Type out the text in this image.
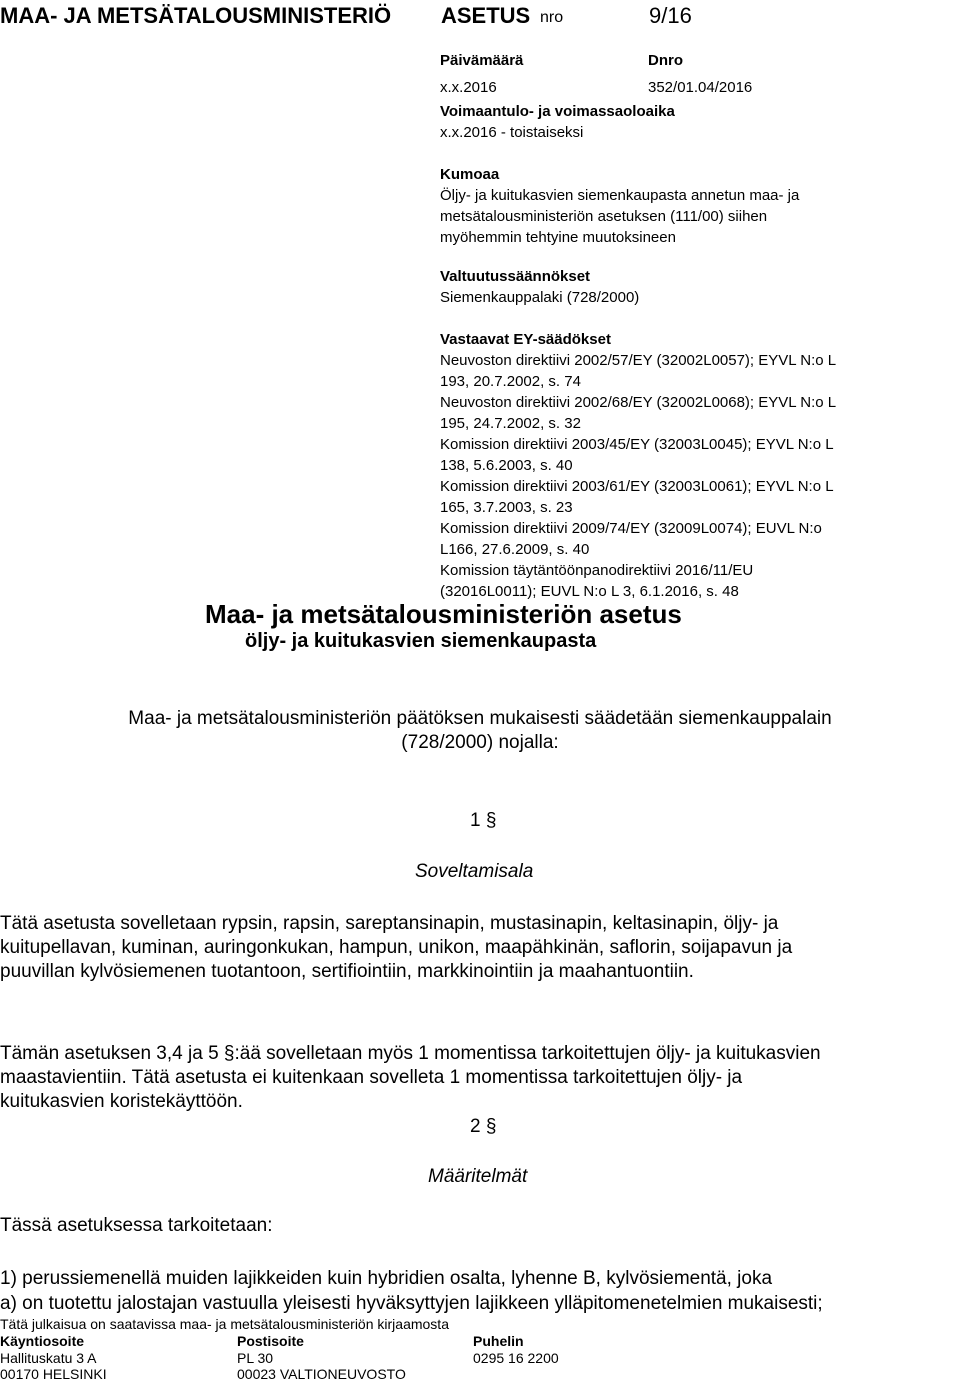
MAA- JA METSÄTALOUSMINISTERIÖ ASETUS nro	9/16
Päivämäärä	Dnro
x.x.2016	352/01.04/2016
Voimaantulo- ja voimassaoloaika
x.x.2016 - toistaiseksi
Kumoaa
Öljy- ja kuitukasvien siemenkaupasta annetun maa- ja
metsätalousministeriön asetuksen (111/00) siihen
myöhemmin tehtyine muutoksineen
Valtuutussäännökset
Siemenkauppalaki (728/2000)
Vastaavat EY-säädökset
Neuvoston direktiivi 2002/57/EY (32002L0057); EYVL N:o L
193, 20.7.2002, s. 74
Neuvoston direktiivi 2002/68/EY (32002L0068); EYVL N:o L
195, 24.7.2002, s. 32
Komission direktiivi 2003/45/EY (32003L0045); EYVL N:o L
138, 5.6.2003, s. 40
Komission direktiivi 2003/61/EY (32003L0061); EYVL N:o L
165, 3.7.2003, s. 23
Komission direktiivi 2009/74/EY (32009L0074); EUVL N:o
L166, 27.6.2009, s. 40
Komission täytäntöönpanodirektiivi 2016/11/EU
(32016L0011); EUVL N:o L 3, 6.1.2016, s. 48
Maa- ja metsätalousministeriön asetus
öljy- ja kuitukasvien siemenkaupasta
Maa- ja metsätalousministeriön päätöksen mukaisesti säädetään siemenkauppalain
(728/2000) nojalla:
1 §
Soveltamisala
Tätä asetusta sovelletaan rypsin, rapsin, sareptansinapin, mustasinapin, keltasinapin, öljy- ja
kuitupellavan, kuminan, auringonkukan, hampun, unikon, maapähkinän, saflorin, soijapavun ja
puuvillan kylvösiemenen tuotantoon, sertifiointiin, markkinointiin ja maahantuontiin.
Tämän asetuksen 3,4 ja 5 §:ää sovelletaan myös 1 momentissa tarkoitettujen öljy- ja kuitukasvien
maastavientiin. Tätä asetusta ei kuitenkaan sovelleta 1 momentissa tarkoitettujen öljy- ja
kuitukasvien koristekäyttöön.
2 §
Määritelmät
Tässä asetuksessa tarkoitetaan:
1) perussiemenellä muiden lajikkeiden kuin hybridien osalta, lyhenne B, kylvösiementä, joka
a) on tuotettu jalostajan vastuulla yleisesti hyväksyttyjen lajikkeen ylläpitomenetelmien mukaisesti;
Tätä julkaisua on saatavissa maa- ja metsätalousministeriön kirjaamosta
Käyntiosoite	Postisoite	Puhelin
Hallituskatu 3 A	PL 30	0295 16 2200
00170 HELSINKI	00023 VALTIONEUVOSTO
